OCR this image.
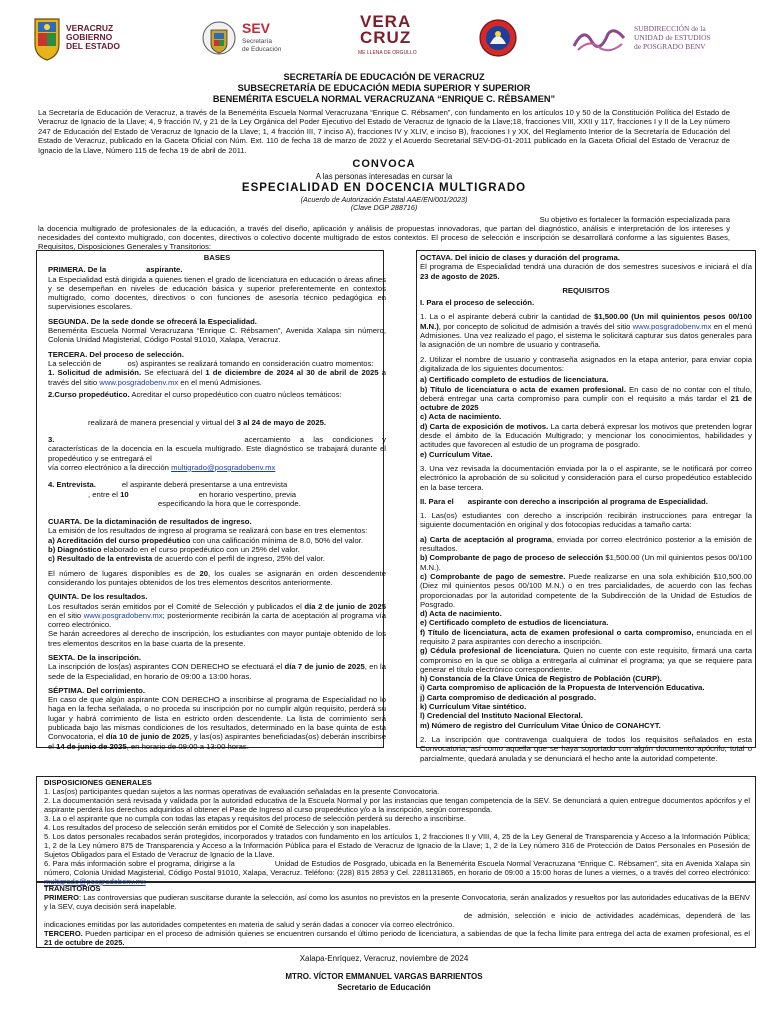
VERACRUZ
GOBIERNO
DEL ESTADO
SEV
Secretaría
de Educación
VERA
CRUZ
ME LLENA DE ORGULLO
SUBDIRECCIÓN de la
UNIDAD de ESTUDIOS
de POSGRADO BENV
SECRETARÍA DE EDUCACIÓN DE VERACRUZ
SUBSECRETARÍA DE EDUCACIÓN MEDIA SUPERIOR Y SUPERIOR
BENEMÉRITA ESCUELA NORMAL VERACRUZANA “ENRIQUE C. RÉBSAMEN”
La Secretaría de Educación de Veracruz, a través de la Benemérita Escuela Normal Veracruzana “Enrique C. Rébsamen”, con fundamento en los artículos 10 y 50 de la Constitución Política del Estado de Veracruz de Ignacio de la Llave; 4, 9 fracción IV, y 21 de la Ley Orgánica del Poder Ejecutivo del Estado de Veracruz de Ignacio de la Llave;18, fracciones VIII, XXII y 117, fracciones I y II de la Ley número 247 de Educación del Estado de Veracruz de Ignacio de la Llave; 1, 4 fracción III, 7 inciso A), fracciones IV y XLIV, e inciso B), fracciones I y XX, del Reglamento Interior de la Secretaría de Educación del Estado de Veracruz, publicado en la Gaceta Oficial con Núm. Ext. 110 de fecha 18 de marzo de 2022 y el Acuerdo Secretarial SEV-DG-01-2011 publicado en la Gaceta Oficial del Estado de Veracruz de Ignacio de la Llave, Número 115 de fecha 19 de abril de 2011.
CONVOCA
A las personas interesadas en cursar la
ESPECIALIDAD EN DOCENCIA MULTIGRADO
(Acuerdo de Autorización Estatal AAE/EN/001/2023)
(Clave DGP 288716)
Su objetivo es fortalecer la formación especializada para
la docencia multigrado de profesionales de la educación, a través del diseño, aplicación y análisis de propuestas innovadoras, que partan del diagnóstico, análisis e interpretación de los intereses y necesidades del contexto multigrado, con docentes, directivos o colectivo docente multigrado de estos contextos. El proceso de selección e inscripción se desarrollará conforme a las siguientes Bases, Requisitos, Disposiciones Generales y Transitorios:
BASES

PRIMERA. De la	aspirante.
La Especialidad está dirigida a quienes tienen el grado de licenciatura en educación o áreas afines y se desempeñan en niveles de educación básica y superior preferentemente en contextos multigrado, como docentes, directivos o con funciones de asesoría técnico pedagógica en supervisiones escolares.

SEGUNDA. De la sede donde se ofrecerá la Especialidad.
Benemérita Escuela Normal Veracruzana “Enrique C. Rébsamen”, Avenida Xalapa sin número, Colonia Unidad Magisterial, Código Postal 91010, Xalapa, Veracruz.

TERCERA. Del proceso de selección.
La selección de	os) aspirantes se realizará tomando en consideración cuatro momentos:
1. Solicitud de admisión. Se efectuará del 1 de diciembre de 2024 al 30 de abril de 2025 a través del sitio www.posgradobenv.mx en el menú Admisiones.

2.Curso propedéutico. Acreditar el curso propedéutico con cuatro núcleos temáticos:

realizará de manera presencial y virtual del 3 al 24 de mayo de 2025.

3.	acercamiento a las condiciones y características de la docencia en la escuela multigrado. Este diagnóstico se trabajará durante el propedéutico y se entregará el
vía correo electrónico a la dirección multigrado@posgradobenv.mx

4. Entrevista.	el aspirante deberá presentarse a una entrevista
, entre el 10	en horario vespertino, previa
especificando la hora que le corresponde.

CUARTA. De la dictaminación de resultados de ingreso.
La emisión de los resultados de ingreso al programa se realizará con base en tres elementos:
a) Acreditación del curso propedéutico con una calificación mínima de 8.0, 50% del valor.
b) Diagnóstico elaborado en el curso propedéutico con un 25% del valor.
c) Resultado de la entrevista de acuerdo con el perfil de ingreso, 25% del valor.

El número de lugares disponibles es de 20, los cuales se asignarán en orden descendente considerando los puntajes obtenidos de los tres elementos descritos anteriormente.

QUINTA. De los resultados.
Los resultados serán emitidos por el Comité de Selección y publicados el día 2 de junio de 2025 en el sitio www.posgradobenv.mx; posteriormente recibirán la carta de aceptación al programa vía correo electrónico.
Se harán acreedores al derecho de inscripción, los estudiantes con mayor puntaje obtenido de los tres elementos descritos en la base cuarta de la presente.

SEXTA. De la inscripción.
La inscripción de los(as) aspirantes CON DERECHO se efectuará el día 7 de junio de 2025, en la sede de la Especialidad, en horario de 09:00 a 13:00 horas.

SÉPTIMA. Del corrimiento.
En caso de que algún aspirante CON DERECHO a inscribirse al programa de Especialidad no lo haga en la fecha señalada, o no proceda su inscripción por no cumplir algún requisito, perderá su lugar y habrá corrimiento de lista en estricto orden descendente. La lista de corrimiento será publicada bajo las mismas condiciones de los resultados, determinado en la base quinta de esta Convocatoria, el día 10 de junio de 2025, y las(os) aspirantes beneficiadas(os) deberán inscribirse el 14 de junio de 2025, en horario de 09:00 a 13:00 horas.

OCTAVA. Del inicio de clases y duración del programa.
El programa de Especialidad tendrá una duración de dos semestres sucesivos e iniciará el día 23 de agosto de 2025.

REQUISITOS

I. Para el proceso de selección.

1. La o el aspirante deberá cubrir la cantidad de $1,500.00 (Un mil quinientos pesos 00/100 M.N.), por concepto de solicitud de admisión a través del sitio www.posgradobenv.mx en el menú Admisiones. Una vez realizado el pago, el sistema le solicitará capturar sus datos generales para la asignación de un nombre de usuario y contraseña.

2. Utilizar el nombre de usuario y contraseña asignados en la etapa anterior, para enviar copia digitalizada de los siguientes documentos:

a) Certificado completo de estudios de licenciatura.
b) Título de licenciatura o acta de examen profesional. En caso de no contar con el título, deberá entregar una carta compromiso para cumplir con el requisito a más tardar el 21 de octubre de 2025
c) Acta de nacimiento.
d) Carta de exposición de motivos. La carta deberá expresar los motivos que pretenden lograr desde el ámbito de la Educación Multigrado; y mencionar los conocimientos, habilidades y actitudes que favorecen al estudio de un programa de posgrado.
e) Currículum Vitae.

3. Una vez revisada la documentación enviada por la o el aspirante, se le notificará por correo electrónico la aprobación de su solicitud y consideración para el curso propedéutico establecido en la base tercera.

II. Para el aspirante con derecho a inscripción al programa de Especialidad.

1. Las(os) estudiantes con derecho a inscripción recibirán instrucciones para entregar la siguiente documentación en original y dos fotocopias reducidas a tamaño carta:

a) Carta de aceptación al programa, enviada por correo electrónico posterior a la emisión de resultados.
b) Comprobante de pago de proceso de selección $1,500.00 (Un mil quinientos pesos 00/100 M.N.).
c) Comprobante de pago de semestre. Puede realizarse en una sola exhibición $10,500.00 (Diez mil quinientos pesos 00/100 M.N.) o en tres parcialidades, de acuerdo con las fechas proporcionadas por la autoridad competente de la Subdirección de la Unidad de Estudios de Posgrado.
d) Acta de nacimiento.
e) Certificado completo de estudios de licenciatura.
f) Título de licenciatura, acta de examen profesional o carta compromiso, enunciada en el requisito 2 para aspirantes con derecho a inscripción.
g) Cédula profesional de licenciatura. Quien no cuente con este requisito, firmará una carta compromiso en la que se obliga a entregarla al culminar el programa; ya que se requiere para generar el título electrónico correspondiente.
h) Constancia de la Clave Única de Registro de Población (CURP).
i) Carta compromiso de aplicación de la Propuesta de Intervención Educativa.
j) Carta compromiso de dedicación al posgrado.
k) Currículum Vitae sintético.
l) Credencial del Instituto Nacional Electoral.
m) Número de registro del Currículum Vitae Único de CONAHCYT.

2. La inscripción que contravenga cualquiera de todos los requisitos señalados en esta Convocatoria, así como aquella que se haya soportado con algún documento apócrifo, total o parcialmente, quedará anulada y se denunciará el hecho ante la autoridad competente.

DISPOSICIONES GENERALES
1. Las(os) participantes quedan sujetos a las normas operativas de evaluación señaladas en la presente Convocatoria.
2. La documentación será revisada y validada por la autoridad educativa de la Escuela Normal y por las instancias que tengan competencia de la SEV. Se denunciará a quien entregue documentos apócrifos y el aspirante perderá los derechos adquiridos al obtener el Pase de Ingreso al curso propedéutico y/o a la inscripción, según corresponda.
3. La o el aspirante que no cumpla con todas las etapas y requisitos del proceso de selección perderá su derecho a inscribirse.
4. Los resultados del proceso de selección serán emitidos por el Comité de Selección y son inapelables.
5. Los datos personales recabados serán protegidos, incorporados y tratados con fundamento en los artículos 1, 2 fracciones II y VIII, 4, 25 de la Ley General de Transparencia y Acceso a la Información Pública; 1, 2 de la Ley número 875 de Transparencia y Acceso a la Información Pública para el Estado de Veracruz de Ignacio de la Llave; 1, 2 de la Ley número 316 de Protección de Datos Personales en Posesión de Sujetos Obligados para el Estado de Veracruz de Ignacio de la Llave.
6. Para más información sobre el programa, dirigirse a la	Unidad de Estudios de Posgrado, ubicada en la Benemérita Escuela Normal Veracruzana “Enrique C. Rébsamen”, sita en Avenida Xalapa sin número, Colonia Unidad Magisterial, Código Postal 91010, Xalapa, Veracruz. Teléfono: (228) 815 2853 y Cel. 2281131865, en horario de 09:00 a 15:00 horas de lunes a viernes, o a través del correo electrónico: multigrado@posgradobenv.mx
TRANSITORIOS
PRIMERO: Las controversias que pudieran suscitarse durante la selección, así como los asuntos no previstos en la presente Convocatoria, serán analizados y resueltos por las autoridades educativas de la BENV y la SEV, cuya decisión será inapelable.
de admisión, selección e inicio de actividades académicas, dependerá de las indicaciones emitidas por las autoridades competentes en materia de salud y serán dadas a conocer vía correo electrónico.
TERCERO. Pueden participar en el proceso de admisión quienes se encuentren cursando el último periodo de licenciatura, a sabiendas de que la fecha límite para entrega del acta de examen profesional, es el 21 de octubre de 2025.
Xalapa-Enríquez, Veracruz, noviembre de 2024
MTRO. VÍCTOR EMMANUEL VARGAS BARRIENTOS
Secretario de Educación
